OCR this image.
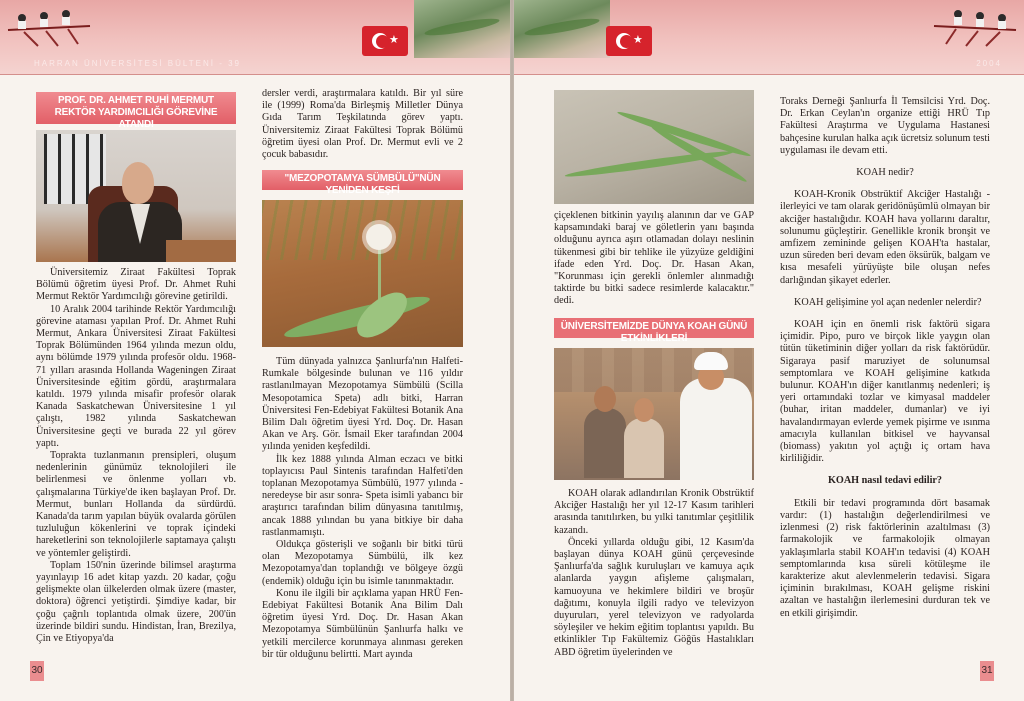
★
HARRAN ÜNİVERSİTESİ BÜLTENİ - 39
PROF. DR. AHMET RUHİ MERMUT REKTÖR YARDIMCILIĞI GÖREVİNE ATANDI

Üniversitemiz Ziraat Fakültesi Toprak Bölümü öğretim üyesi Prof. Dr. Ahmet Ruhi Mermut Rektör Yardımcılığı görevine getirildi.

10 Aralık 2004 tarihinde Rektör Yardımcılığı görevine ataması yapılan Prof. Dr. Ahmet Ruhi Mermut, Ankara Üniversitesi Ziraat Fakültesi Toprak Bölümünden 1964 yılında mezun oldu, aynı bölümde 1979 yılında profesör oldu. 1968-71 yılları arasında Hollanda Wageningen Ziraat Üniversitesinde eğitim gördü, araştırmalara katıldı. 1979 yılında misafir profesör olarak Kanada Saskatchewan Üniversitesine 1 yıl çalıştı, 1982 yılında Saskatchewan Üniversitesine geçti ve burada 22 yıl görev yaptı.

Toprakta tuzlanmanın prensipleri, oluşum nedenlerinin günümüz teknolojileri ile belirlenmesi ve önlenme yolları vb. çalışmalarına Türkiye'de iken başlayan Prof. Dr. Mermut, bunları Hollanda da sürdürdü. Kanada'da tarım yapılan büyük ovalarda görülen tuzluluğun kökenlerini ve toprak içindeki hareketlerini son teknolojilerle saptamaya çalıştı ve yöntemler geliştirdi.

Toplam 150'nin üzerinde bilimsel araştırma yayınlayıp 16 adet kitap yazdı. 20 kadar, çoğu gelişmekte olan ülkelerden olmak üzere (master, doktora) öğrenci yetiştirdi. Şimdiye kadar, bir çoğu çağrılı toplantıda olmak üzere, 200'ün üzerinde bildiri sundu. Hindistan, İran, Brezilya, Çin ve Etiyopya'da

dersler verdi, araştırmalara katıldı. Bir yıl süre ile (1999) Roma'da Birleşmiş Milletler Dünya Gıda Tarım Teşkilatında görev yaptı. Üniversitemiz Ziraat Fakültesi Toprak Bölümü öğretim üyesi olan Prof. Dr. Mermut evli ve 2 çocuk babasıdır.

"MEZOPOTAMYA SÜMBÜLÜ"NÜN YENİDEN KEŞFİ

Tüm dünyada yalnızca Şanlıurfa'nın Halfeti-Rumkale bölgesinde bulunan ve 116 yıldır rastlanılmayan Mezopotamya Sümbülü (Scilla Mesopotamica Speta) adlı bitki, Harran Üniversitesi Fen-Edebiyat Fakültesi Botanik Ana Bilim Dalı öğretim üyesi Yrd. Doç. Dr. Hasan Akan ve Arş. Gör. İsmail Eker tarafından 2004 yılında yeniden keşfedildi.

İlk kez 1888 yılında Alman eczacı ve bitki toplayıcısı Paul Sintenis tarafından Halfeti'den toplanan Mezopotamya Sümbülü, 1977 yılında -neredeyse bir asır sonra- Speta isimli yabancı bir araştırıcı tarafından bilim dünyasına tanıtılmış, ancak 1888 yılından bu yana bitkiye bir daha rastlanmamıştı.

Oldukça gösterişli ve soğanlı bir bitki türü olan Mezopotamya Sümbülü, ilk kez Mezopotamya'dan toplandığı ve bölgeye özgü (endemik) olduğu için bu isimle tanınmaktadır.

Konu ile ilgili bir açıklama yapan HRÜ Fen-Edebiyat Fakültesi Botanik Ana Bilim Dalı öğretim üyesi Yrd. Doç. Dr. Hasan Akan Mezopotamya Sümbülünün Şanlıurfa halkı ve yetkili mercilerce korunmaya alınması gereken bir tür olduğunu belirtti. Mart ayında

30
★
2004

çiçeklenen bitkinin yayılış alanının dar ve GAP kapsamındaki baraj ve göletlerin yanı başında olduğunu ayrıca aşırı otlamadan dolayı neslinin tükenmesi gibi bir tehlike ile yüzyüze geldiğini ifade eden Yrd. Doç. Dr. Hasan Akan, "Korunması için gerekli önlemler alınmadığı taktirde bu bitki sadece resimlerde kalacaktır." dedi.

ÜNİVERSİTEMİZDE DÜNYA KOAH GÜNÜ ETKİNLİKLERİ

KOAH olarak adlandırılan Kronik Obstrüktif Akciğer Hastalığı her yıl 12-17 Kasım tarihleri arasında tanıtılırken, bu yılki tanıtımlar çeşitlilik kazandı.

Önceki yıllarda olduğu gibi, 12 Kasım'da başlayan dünya KOAH günü çerçevesinde Şanlıurfa'da sağlık kuruluşları ve kamuya açık alanlarda yaygın afişleme çalışmaları, kamuoyuna ve hekimlere bildiri ve broşür dağıtımı, konuyla ilgili radyo ve televizyon duyuruları, yerel televizyon ve radyolarda söyleşiler ve hekim eğitim toplantısı yapıldı. Bu etkinlikler Tıp Fakültemiz Göğüs Hastalıkları ABD öğretim üyelerinden ve

Toraks Derneği Şanlıurfa İl Temsilcisi Yrd. Doç. Dr. Erkan Ceylan'ın organize ettiği HRÜ Tıp Fakültesi Araştırma ve Uygulama Hastanesi bahçesine kurulan halka açık ücretsiz solunum testi uygulaması ile devam etti.

KOAH nedir?

KOAH-Kronik Obstrüktif Akciğer Hastalığı - ilerleyici ve tam olarak geridönüşümlü olmayan bir akciğer hastalığıdır. KOAH hava yollarını daraltır, solunumu güçleştirir. Genellikle kronik bronşit ve amfizem zemininde gelişen KOAH'ta hastalar, uzun süreden beri devam eden öksürük, balgam ve kısa mesafeli yürüyüşte bile oluşan nefes darlığından şikayet ederler.

KOAH gelişimine yol açan nedenler nelerdir?

KOAH için en önemli risk faktörü sigara içimidir. Pipo, puro ve birçok likle yaygın olan tütün tüketiminin diğer yolları da risk faktörüdür. Sigaraya pasif maruziyet de solunumsal semptomlara ve KOAH gelişimine katkıda bulunur. KOAH'ın diğer kanıtlanmış nedenleri; iş yeri ortamındaki tozlar ve kimyasal maddeler (buhar, iritan maddeler, dumanlar) ve iyi havalandırmayan evlerde yemek pişirme ve ısınma amacıyla kullanılan bitkisel ve hayvansal (biomass) yakıtın yol açtığı iç ortam hava kirliliğidir.

KOAH nasıl tedavi edilir?

Etkili bir tedavi programında dört basamak vardır: (1) hastalığın değerlendirilmesi ve izlenmesi (2) risk faktörlerinin azaltılması (3) farmakolojik ve farmakolojik olmayan yaklaşımlarla stabil KOAH'ın tedavisi (4) KOAH semptomlarında kısa süreli kötüleşme ile karakterize akut alevlenmelerin tedavisi. Sigara içiminin bırakılması, KOAH gelişme riskini azaltan ve hastalığın ilerlemesini durduran tek ve en etkili girişimdir.

31
